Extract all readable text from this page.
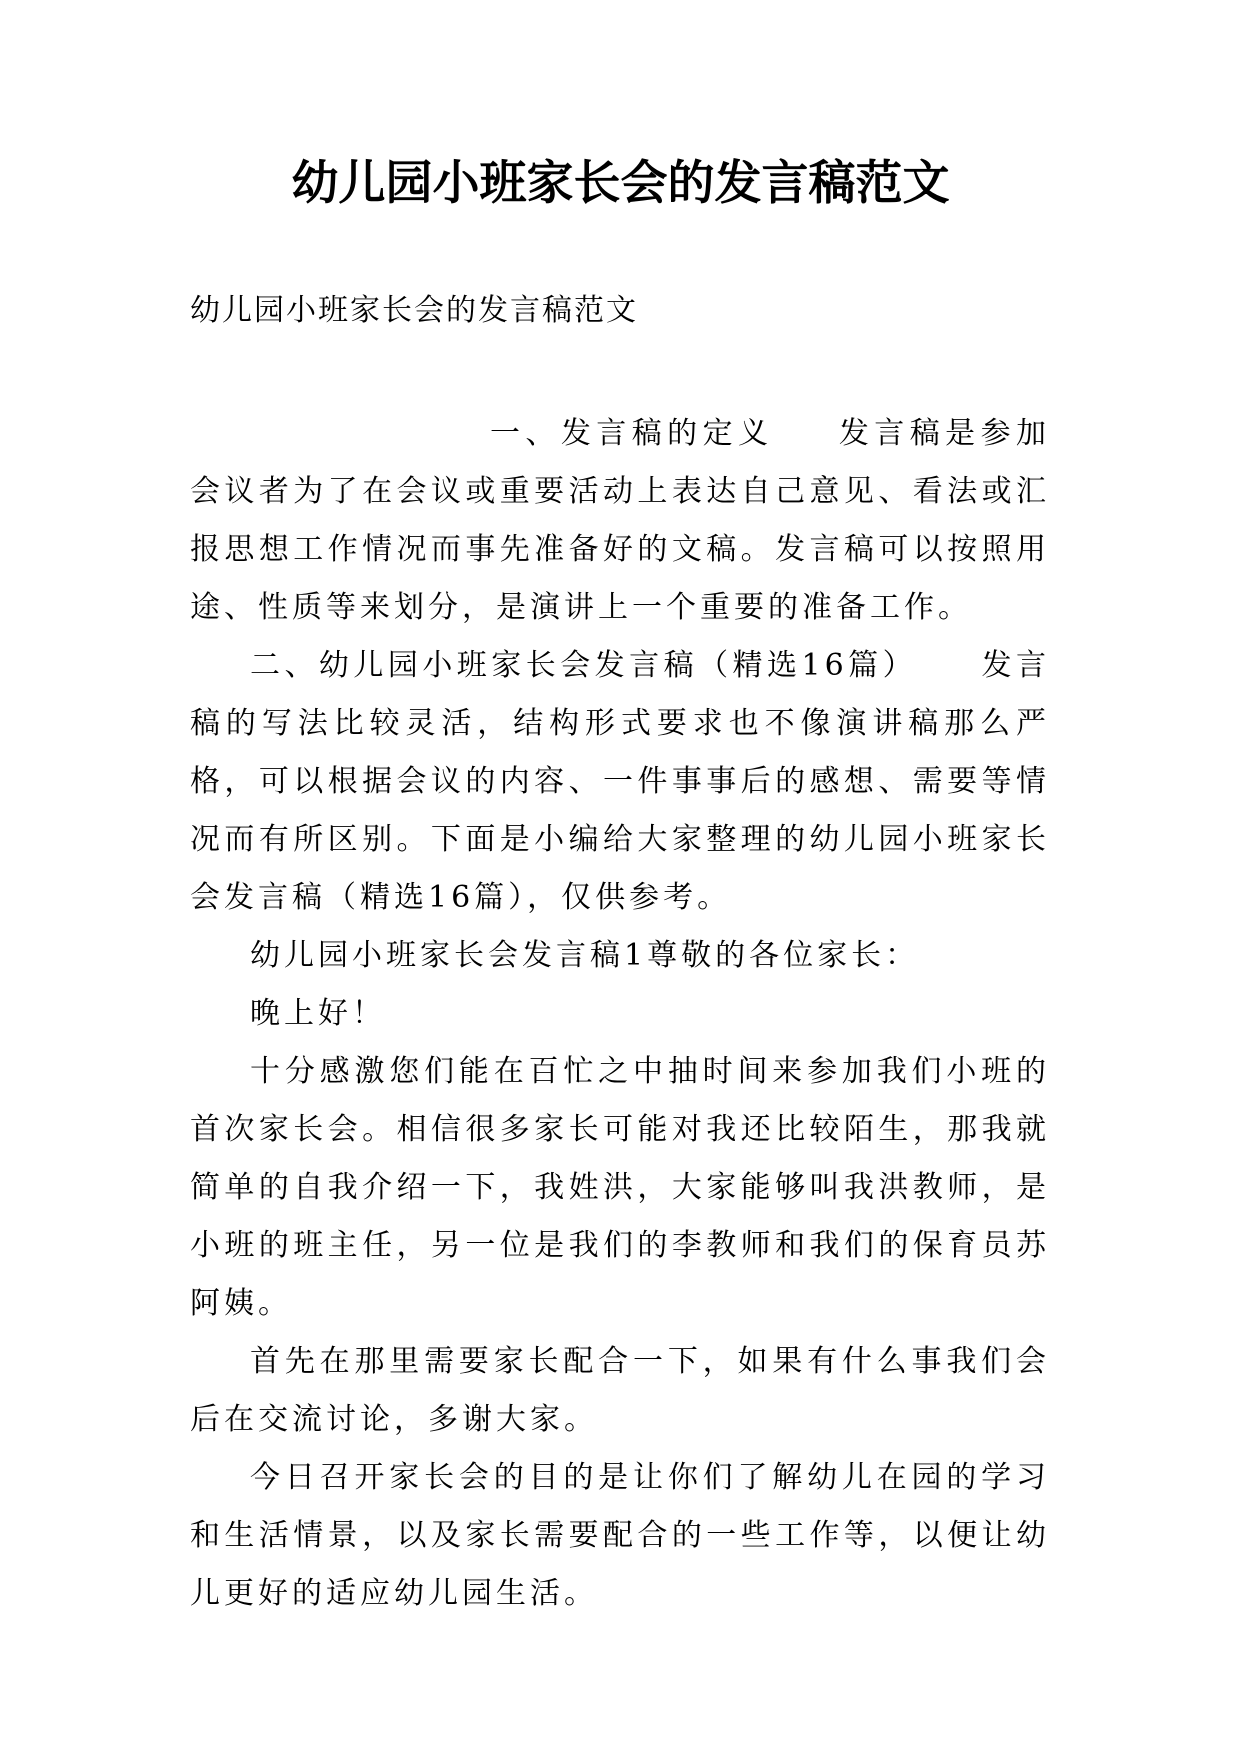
幼儿园小班家长会的发言稿范文

幼儿园小班家长会的发言稿范文

一、发言稿的定义 发言稿是参加会议者为了在会议或重要活动上表达自己意见、看法或汇报思想工作情况而事先准备好的文稿。发言稿可以按照用途、性质等来划分，是演讲上一个重要的准备工作。

二、幼儿园小班家长会发言稿（精选16篇） 发言稿的写法比较灵活，结构形式要求也不像演讲稿那么严格，可以根据会议的内容、一件事事后的感想、需要等情况而有所区别。下面是小编给大家整理的幼儿园小班家长会发言稿（精选16篇），仅供参考。

幼儿园小班家长会发言稿1尊敬的各位家长：

晚上好！

十分感激您们能在百忙之中抽时间来参加我们小班的首次家长会。相信很多家长可能对我还比较陌生，那我就简单的自我介绍一下，我姓洪，大家能够叫我洪教师，是小班的班主任，另一位是我们的李教师和我们的保育员苏阿姨。

首先在那里需要家长配合一下，如果有什么事我们会后在交流讨论，多谢大家。

今日召开家长会的目的是让你们了解幼儿在园的学习和生活情景，以及家长需要配合的一些工作等，以便让幼儿更好的适应幼儿园生活。
